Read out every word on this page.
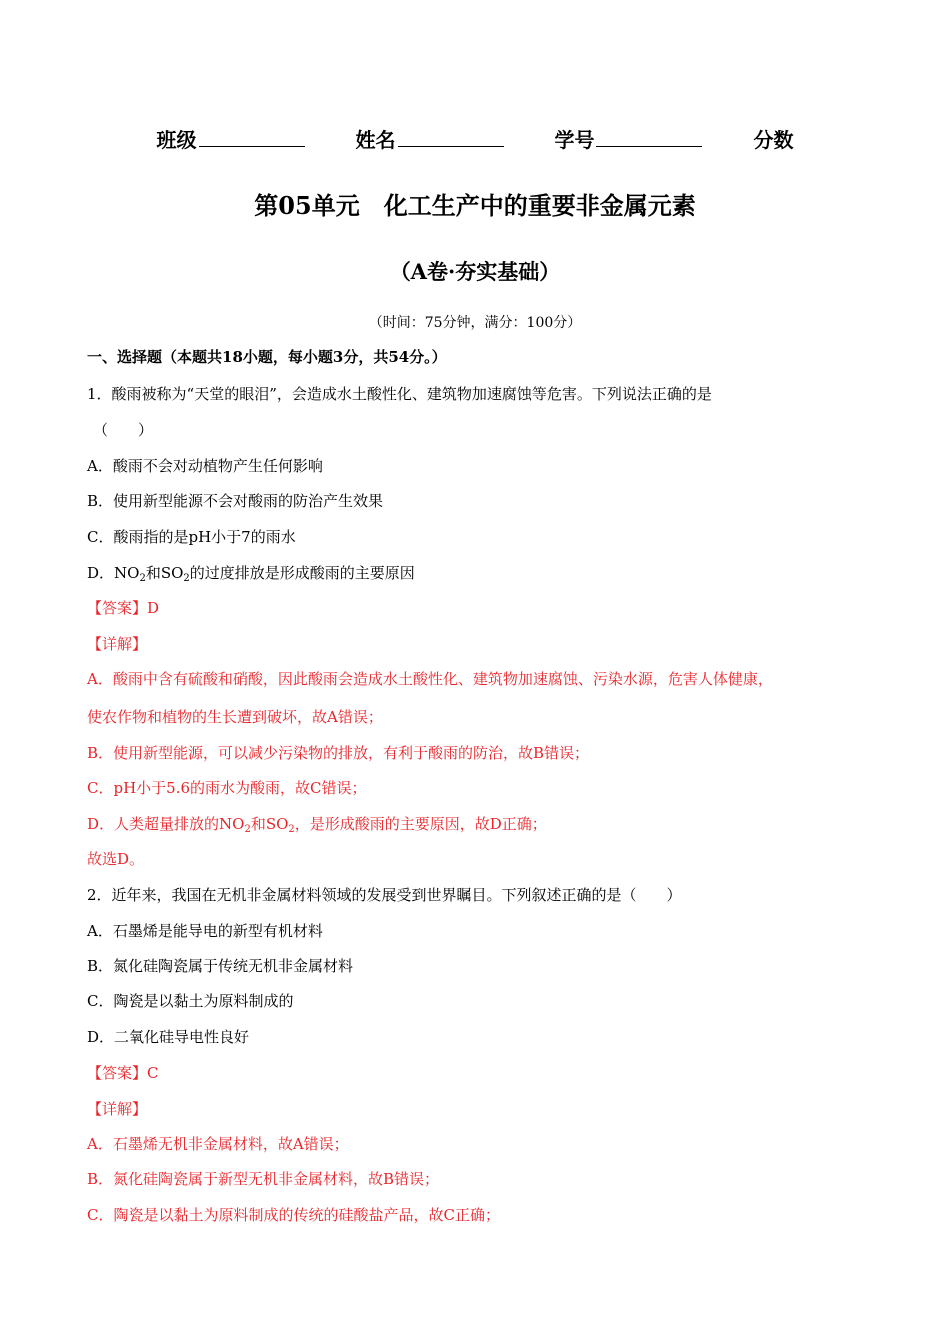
班级	姓名	学号	分数
第05单元　化工生产中的重要非金属元素
（A卷·夯实基础）
（时间：75分钟，满分：100分）
一、选择题（本题共18小题，每小题3分，共54分。）
1．酸雨被称为“天堂的眼泪”，会造成水土酸性化、建筑物加速腐蚀等危害。下列说法正确的是
（　　）
A．酸雨不会对动植物产生任何影响
B．使用新型能源不会对酸雨的防治产生效果
C．酸雨指的是pH小于7的雨水
D．$NO_2$和$SO_2$的过度排放是形成酸雨的主要原因
【答案】D
【详解】
A．酸雨中含有硫酸和硝酸，因此酸雨会造成水土酸性化、建筑物加速腐蚀、污染水源，危害人体健康，
使农作物和植物的生长遭到破坏，故A错误；
B．使用新型能源，可以减少污染物的排放，有利于酸雨的防治，故B错误；
C．pH小于5.6的雨水为酸雨，故C错误；
D．人类超量排放的$NO_2$和$SO_2$，是形成酸雨的主要原因，故D正确；
故选D。
2．近年来，我国在无机非金属材料领域的发展受到世界瞩目。下列叙述正确的是（　　）
A．石墨烯是能导电的新型有机材料
B．氮化硅陶瓷属于传统无机非金属材料
C．陶瓷是以黏土为原料制成的
D．二氧化硅导电性良好
【答案】C
【详解】
A．石墨烯无机非金属材料，故A错误；
B．氮化硅陶瓷属于新型无机非金属材料，故B错误；
C．陶瓷是以黏土为原料制成的传统的硅酸盐产品，故C正确；
